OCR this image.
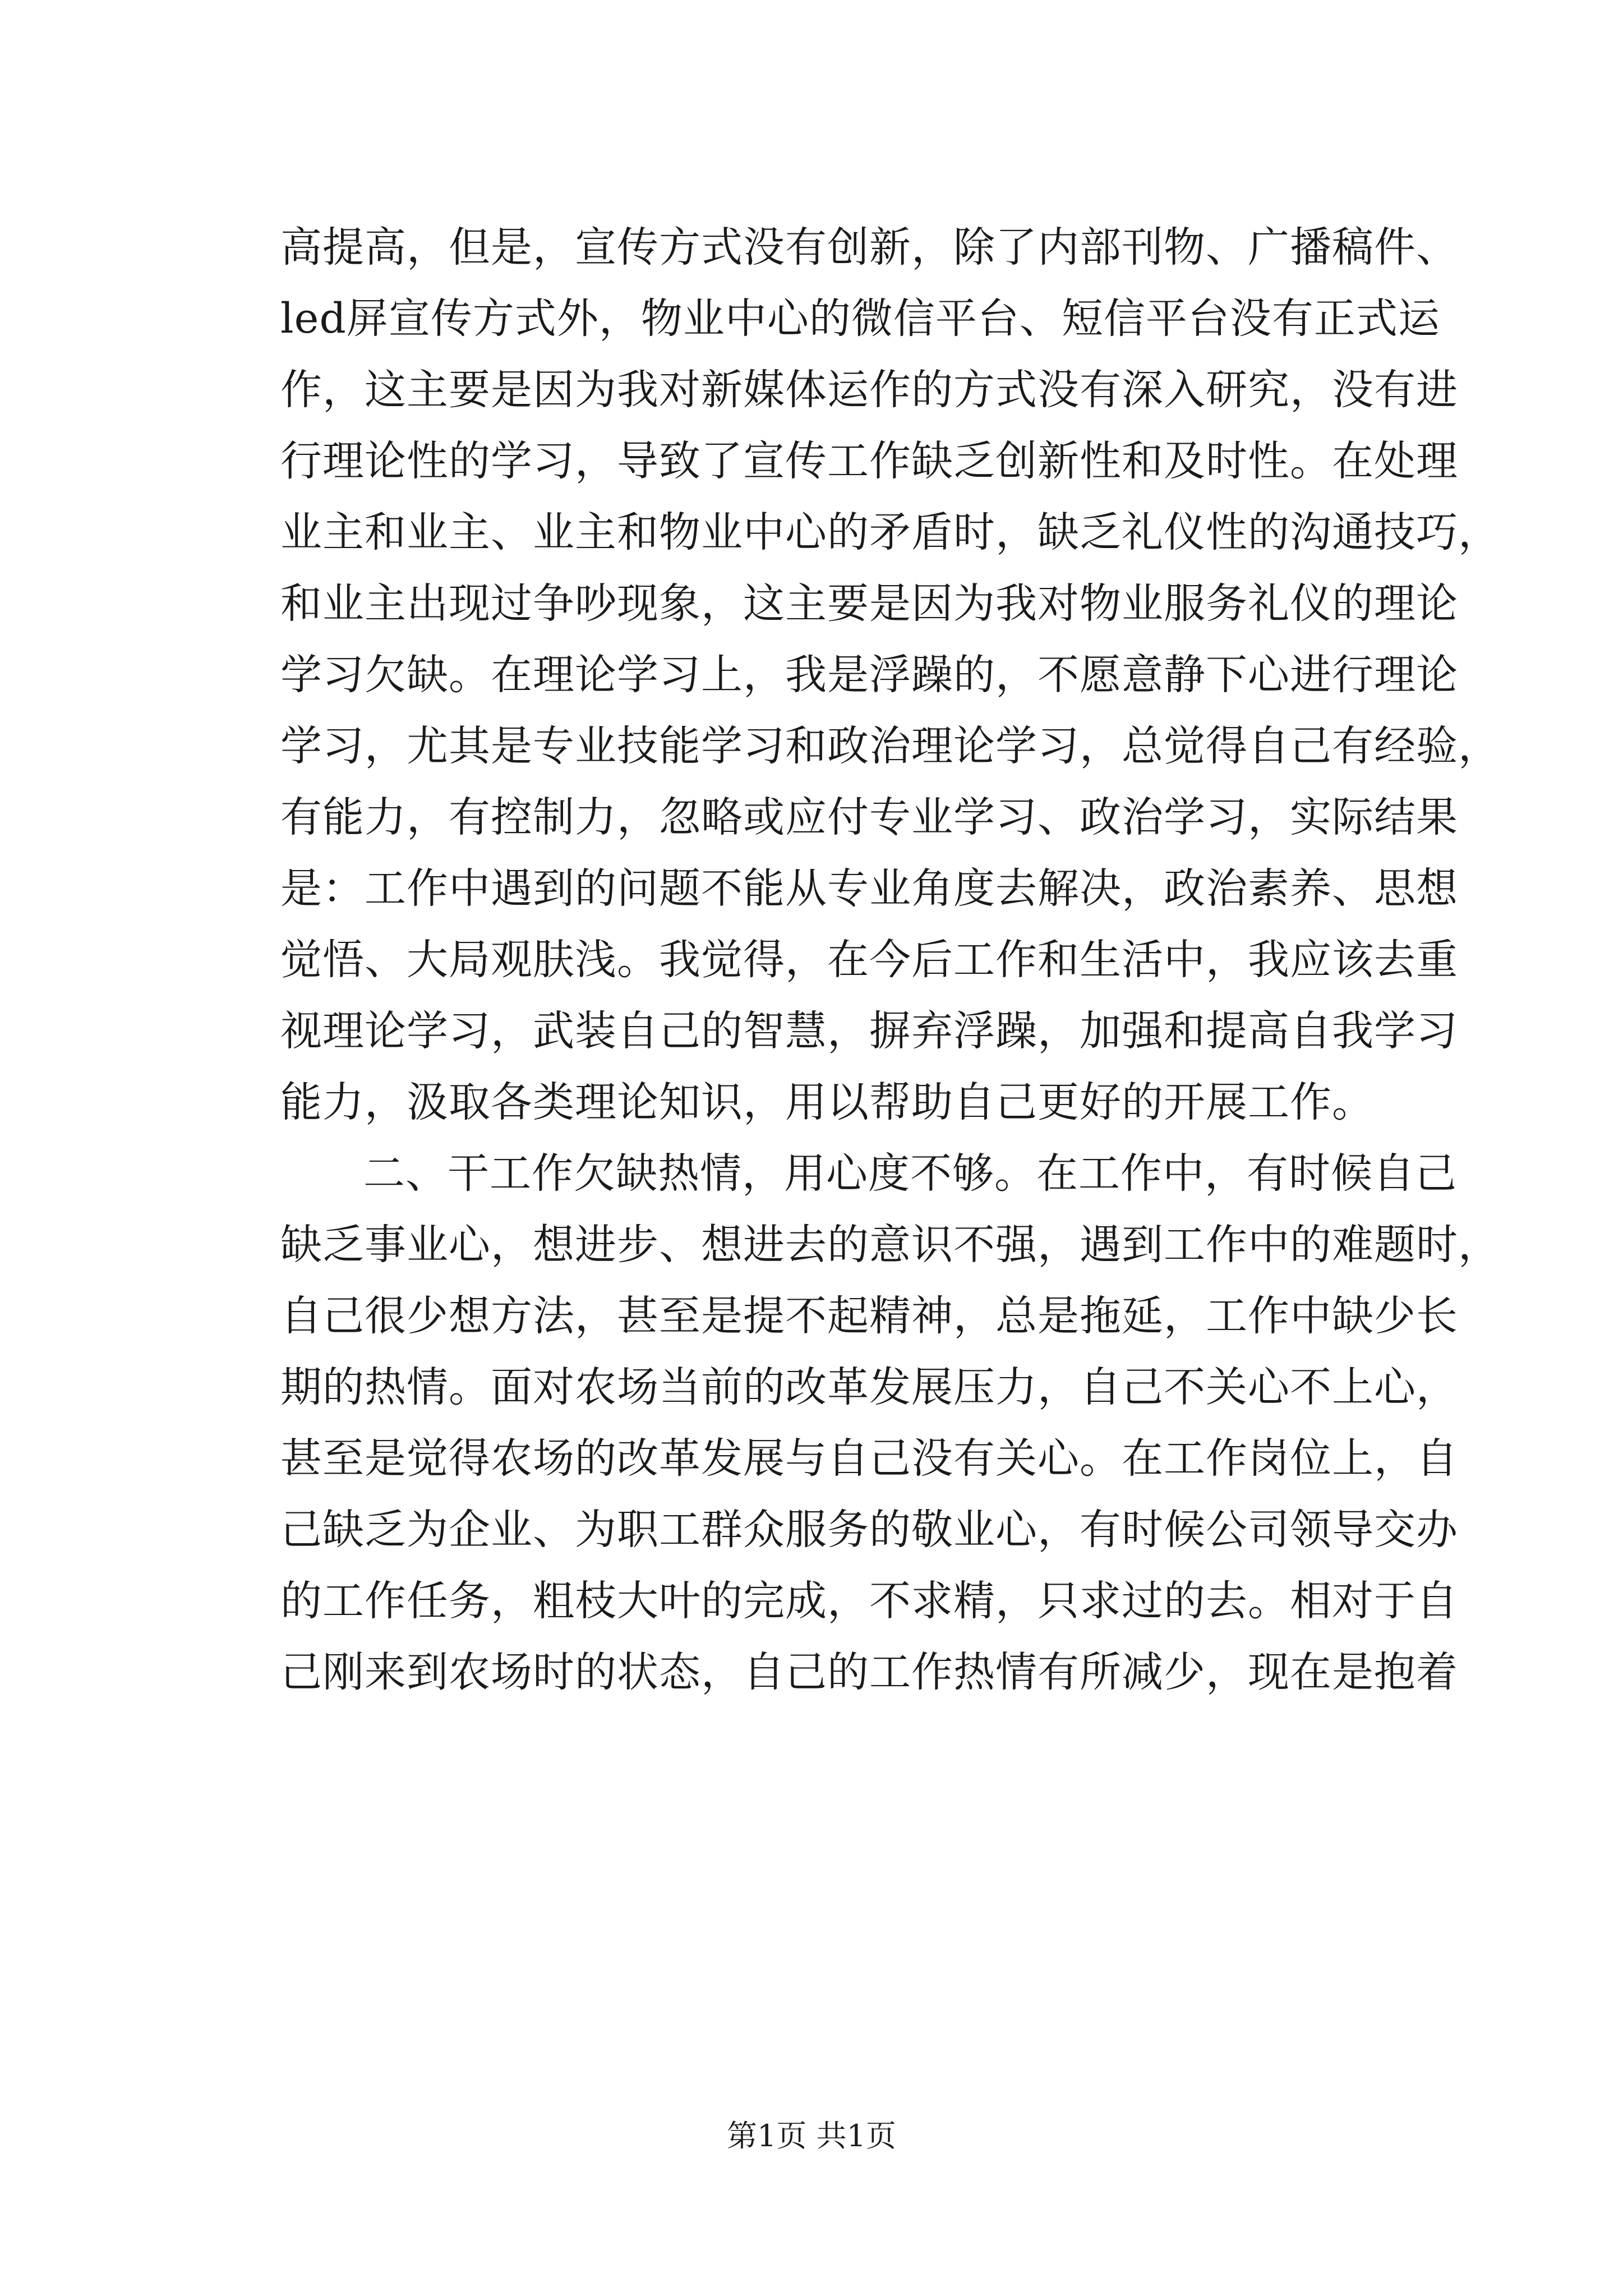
高提高，但是，宣传方式没有创新，除了内部刊物、广播稿件、
led屏宣传方式外，物业中心的微信平台、短信平台没有正式运
作，这主要是因为我对新媒体运作的方式没有深入研究，没有进
行理论性的学习，导致了宣传工作缺乏创新性和及时性。在处理
业主和业主、业主和物业中心的矛盾时，缺乏礼仪性的沟通技巧，
和业主出现过争吵现象，这主要是因为我对物业服务礼仪的理论
学习欠缺。在理论学习上，我是浮躁的，不愿意静下心进行理论
学习，尤其是专业技能学习和政治理论学习，总觉得自己有经验，
有能力，有控制力，忽略或应付专业学习、政治学习，实际结果
是：工作中遇到的问题不能从专业角度去解决，政治素养、思想
觉悟、大局观肤浅。我觉得，在今后工作和生活中，我应该去重
视理论学习，武装自己的智慧，摒弃浮躁，加强和提高自我学习
能力，汲取各类理论知识，用以帮助自己更好的开展工作。
二、干工作欠缺热情，用心度不够。在工作中，有时候自己
缺乏事业心，想进步、想进去的意识不强，遇到工作中的难题时，
自己很少想方法，甚至是提不起精神，总是拖延，工作中缺少长
期的热情。面对农场当前的改革发展压力，自己不关心不上心，
甚至是觉得农场的改革发展与自己没有关心。在工作岗位上，自
己缺乏为企业、为职工群众服务的敬业心，有时候公司领导交办
的工作任务，粗枝大叶的完成，不求精，只求过的去。相对于自
己刚来到农场时的状态，自己的工作热情有所减少，现在是抱着
第1页 共1页
